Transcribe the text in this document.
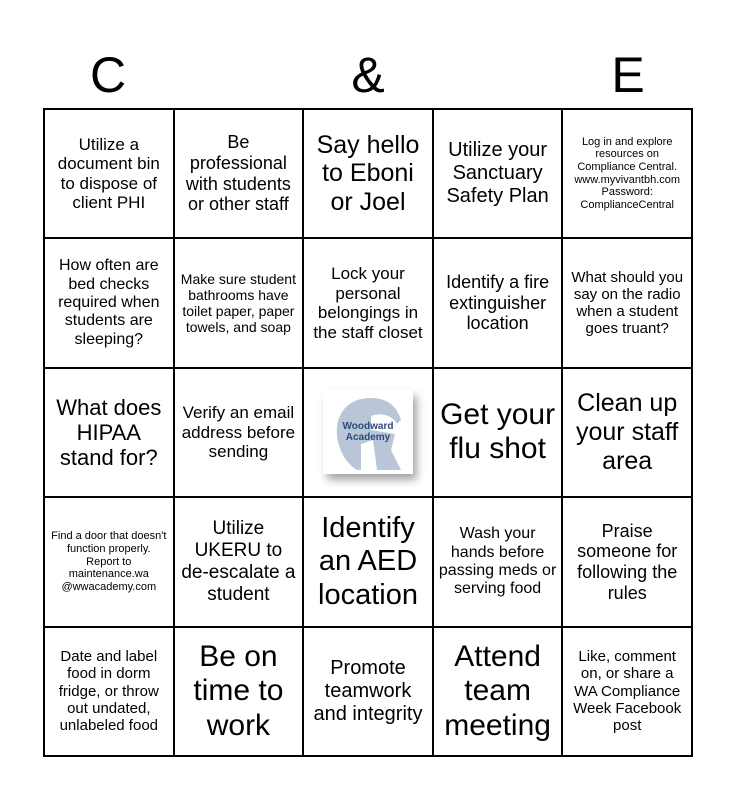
C	&	E
Utilize a document bin to dispose of client PHI
Be professional with students or other staff
Say hello to Eboni or Joel
Utilize your Sanctuary Safety Plan
Log in and explore resources on Compliance Central. www.myvivantbh.com Password: ComplianceCentral
How often are bed checks required when students are sleeping?
Make sure student bathrooms have toilet paper, paper towels, and soap
Lock your personal belongings in the staff closet
Identify a fire extinguisher location
What should you say on the radio when a student goes truant?
What does HIPAA stand for?
Verify an email address before sending
Woodward Academy
Get your flu shot
Clean up your staff area
Find a door that doesn't function properly. Report to maintenance.wa @wwacademy.com
Utilize UKERU to de-escalate a student
Identify an AED location
Wash your hands before passing meds or serving food
Praise someone for following the rules
Date and label food in dorm fridge, or throw out undated, unlabeled food
Be on time to work
Promote teamwork and integrity
Attend team meeting
Like, comment on, or share a WA Compliance Week Facebook post
